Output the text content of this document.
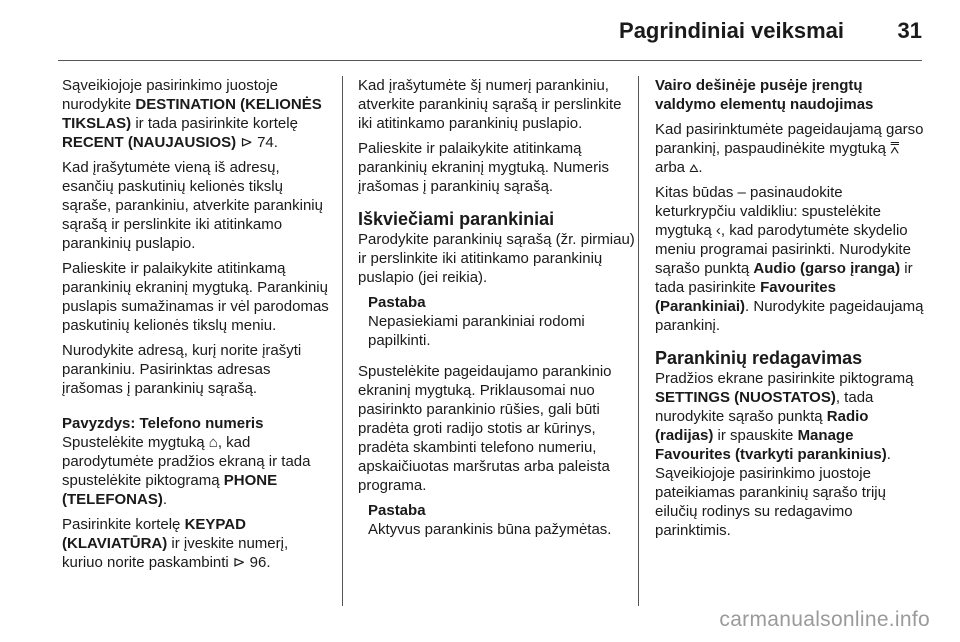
Pagrindiniai veiksmai 31

Sąveikiojoje pasirinkimo juostoje nurodykite DESTINATION (KELIONĖS TIKSLAS) ir tada pasirinkite kortelę RECENT (NAUJAUSIOS) ⊳ 74.

Kad įrašytumėte vieną iš adresų, esančių paskutinių kelionės tikslų sąraše, parankiniu, atverkite parankinių sąrašą ir perslinkite iki atitinkamo parankinių puslapio.

Palieskite ir palaikykite atitinkamą parankinių ekraninį mygtuką. Parankinių puslapis sumažinamas ir vėl parodomas paskutinių kelionės tikslų meniu.

Nurodykite adresą, kurį norite įrašyti parankiniu. Pasirinktas adresas įrašomas į parankinių sąrašą.

Pavyzdys: Telefono numeris

Spustelėkite mygtuką ⌂, kad parodytumėte pradžios ekraną ir tada spustelėkite piktogramą PHONE (TELEFONAS).

Pasirinkite kortelę KEYPAD (KLAVIATŪRA) ir įveskite numerį, kuriuo norite paskambinti ⊳ 96.

Kad įrašytumėte šį numerį parankiniu, atverkite parankinių sąrašą ir perslinkite iki atitinkamo parankinių puslapio.

Palieskite ir palaikykite atitinkamą parankinių ekraninį mygtuką. Numeris įrašomas į parankinių sąrašą.

Iškviečiami parankiniai

Parodykite parankinių sąrašą (žr. pirmiau) ir perslinkite iki atitinkamo parankinių puslapio (jei reikia).

Pastaba
Nepasiekiami parankiniai rodomi papilkinti.

Spustelėkite pageidaujamo parankinio ekraninį mygtuką. Priklausomai nuo pasirinkto parankinio rūšies, gali būti pradėta groti radijo stotis ar kūrinys, pradėta skambinti telefono numeriu, apskaičiuotas maršrutas arba paleista programa.

Pastaba
Aktyvus parankinis būna pažymėtas.

Vairo dešinėje pusėje įrengtų valdymo elementų naudojimas

Kad pasirinktumėte pageidaujamą garso parankinį, paspaudinėkite mygtuką ⩞ arba ⩟.

Kitas būdas – pasinaudokite keturkrypčiu valdikliu: spustelėkite mygtuką ‹, kad parodytumėte skydelio meniu programai pasirinkti. Nurodykite sąrašo punktą Audio (garso įranga) ir tada pasirinkite Favourites (Parankiniai). Nurodykite pageidaujamą parankinį.

Parankinių redagavimas

Pradžios ekrane pasirinkite piktogramą SETTINGS (NUOSTATOS), tada nurodykite sąrašo punktą Radio (radijas) ir spauskite Manage Favourites (tvarkyti parankinius). Sąveikiojoje pasirinkimo juostoje pateikiamas parankinių sąrašo trijų eilučių rodinys su redagavimo parinktimis.

carmanualsonline.info
